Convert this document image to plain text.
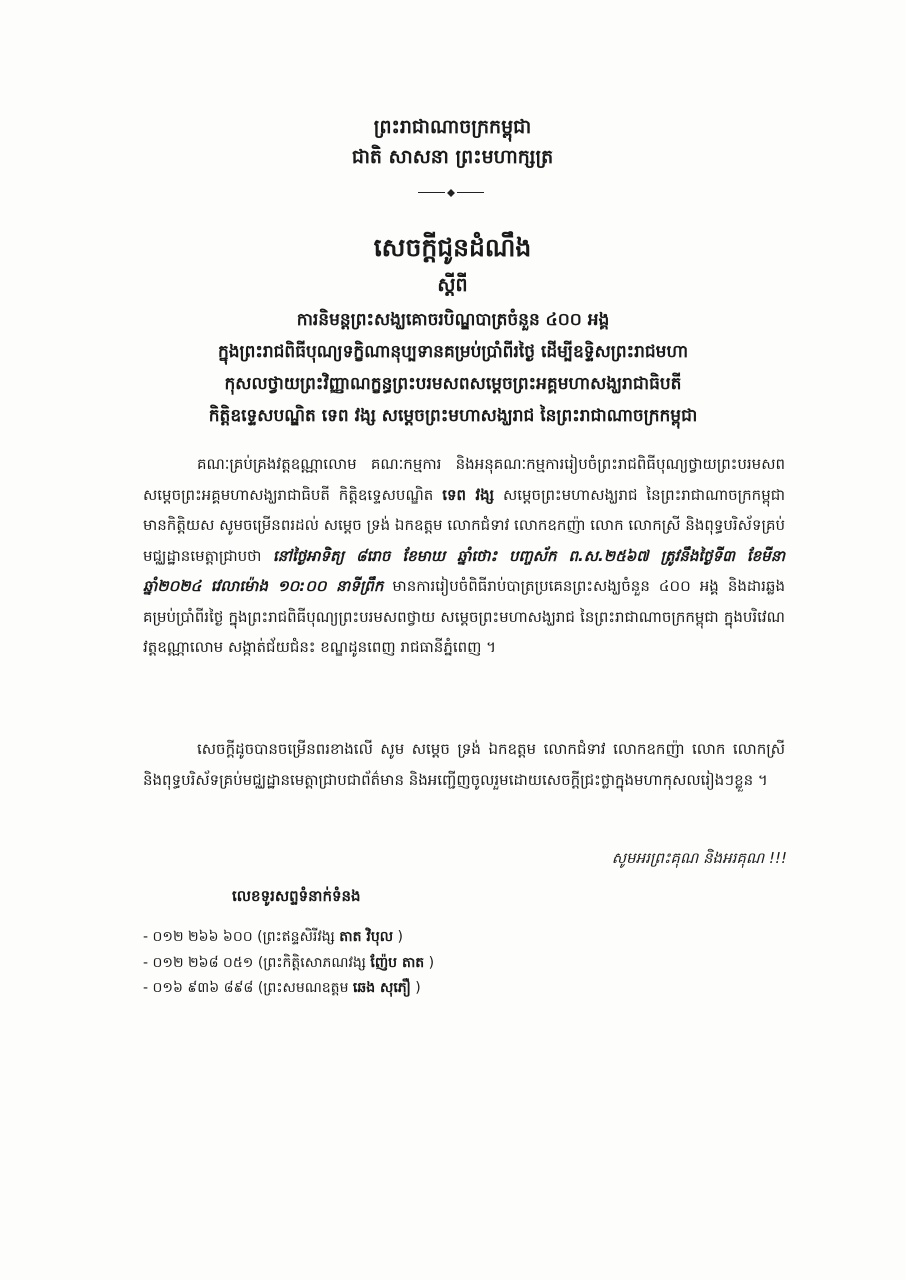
ព្រះរាជាណាចក្រកម្ពុជា
ជាតិ សាសនា ព្រះមហាក្សត្រ
សេចក្តីជូនដំណឹង
ស្តីពី
ការនិមន្តព្រះសង្ឃគោចរបិណ្ឌបាត្រចំនួន ៤០០ អង្គ
ក្នុងព្រះរាជពិធីបុណ្យទក្ខិណានុប្បទានគម្រប់ប្រាំពីរថ្ងៃ ដើម្បីឧទ្ទិសព្រះរាជមហា
កុសលថ្វាយព្រះវិញ្ញាណក្ខន្ធព្រះបរមសពសម្តេចព្រះអគ្គមហាសង្ឃរាជាធិបតី
កិត្តិឧទ្ទេសបណ្ឌិត ទេព វង្ស សម្តេចព្រះមហាសង្ឃរាជ នៃព្រះរាជាណាចក្រកម្ពុជា
គណៈគ្រប់គ្រងវត្តឧណ្ណាលោម គណៈកម្មការ និងអនុគណៈកម្មការរៀបចំព្រះរាជពិធីបុណ្យថ្វាយព្រះបរមសព សម្តេចព្រះអគ្គមហាសង្ឃរាជាធិបតី កិត្តិឧទ្ទេសបណ្ឌិត ទេព វង្ស សម្តេចព្រះមហាសង្ឃរាជ នៃព្រះរាជាណាចក្រកម្ពុជា មានកិត្តិយស សូមចម្រើនពរដល់ សម្តេច ទ្រង់ ឯកឧត្តម លោកជំទាវ លោកឧកញ៉ា លោក លោកស្រី និងពុទ្ធបរិស័ទគ្រប់មជ្ឈដ្ឋានមេត្តាជ្រាបថា នៅថ្ងៃអាទិត្យ ៨រោច ខែមាឃ ឆ្នាំថោះ បញ្ចស័ក ព.ស.២៥៦៧ ត្រូវនឹងថ្ងៃទី៣ ខែមីនា ឆ្នាំ២០២៤ វេលាម៉ោង ១០:០០ នាទីព្រឹក មានការរៀបចំពិធីរាប់បាត្រប្រគេនព្រះសង្ឃចំនួន ៤០០ អង្គ និងដារឆ្លងគម្រប់ប្រាំពីរថ្ងៃ ក្នុងព្រះរាជពិធីបុណ្យព្រះបរមសពថ្វាយ សម្តេចព្រះមហាសង្ឃរាជ នៃព្រះរាជាណាចក្រកម្ពុជា ក្នុងបរិវេណវត្តឧណ្ណាលោម សង្កាត់ជ័យជំនះ ខណ្ឌដូនពេញ រាជធានីភ្នំពេញ ។
សេចក្តីដូចបានចម្រើនពរខាងលើ សូម សម្តេច ទ្រង់ ឯកឧត្តម លោកជំទាវ លោកឧកញ៉ា លោក លោកស្រី និងពុទ្ធបរិស័ទគ្រប់មជ្ឈដ្ឋានមេត្តាជ្រាបជាព័ត៌មាន និងអញ្ជើញចូលរួមដោយសេចក្តីជ្រះថ្លាក្នុងមហាកុសលរៀងៗខ្លួន ។
សូមអរព្រះគុណ និងអរគុណ !!!
លេខទូរសព្ទទំនាក់ទំនង
- ០១២ ២៦៦ ៦០០ (ព្រះឥន្ទសិរីវង្ស តាត វិបុល )
- ០១២ ២៦៨ ០៥១ (ព្រះកិត្តិសោភណវង្ស ញ៉ែប តាត )
- ០១៦ ៩៣៦ ៨៩៨ (ព្រះសមណឧត្តម ឆេង សុភឿ )
